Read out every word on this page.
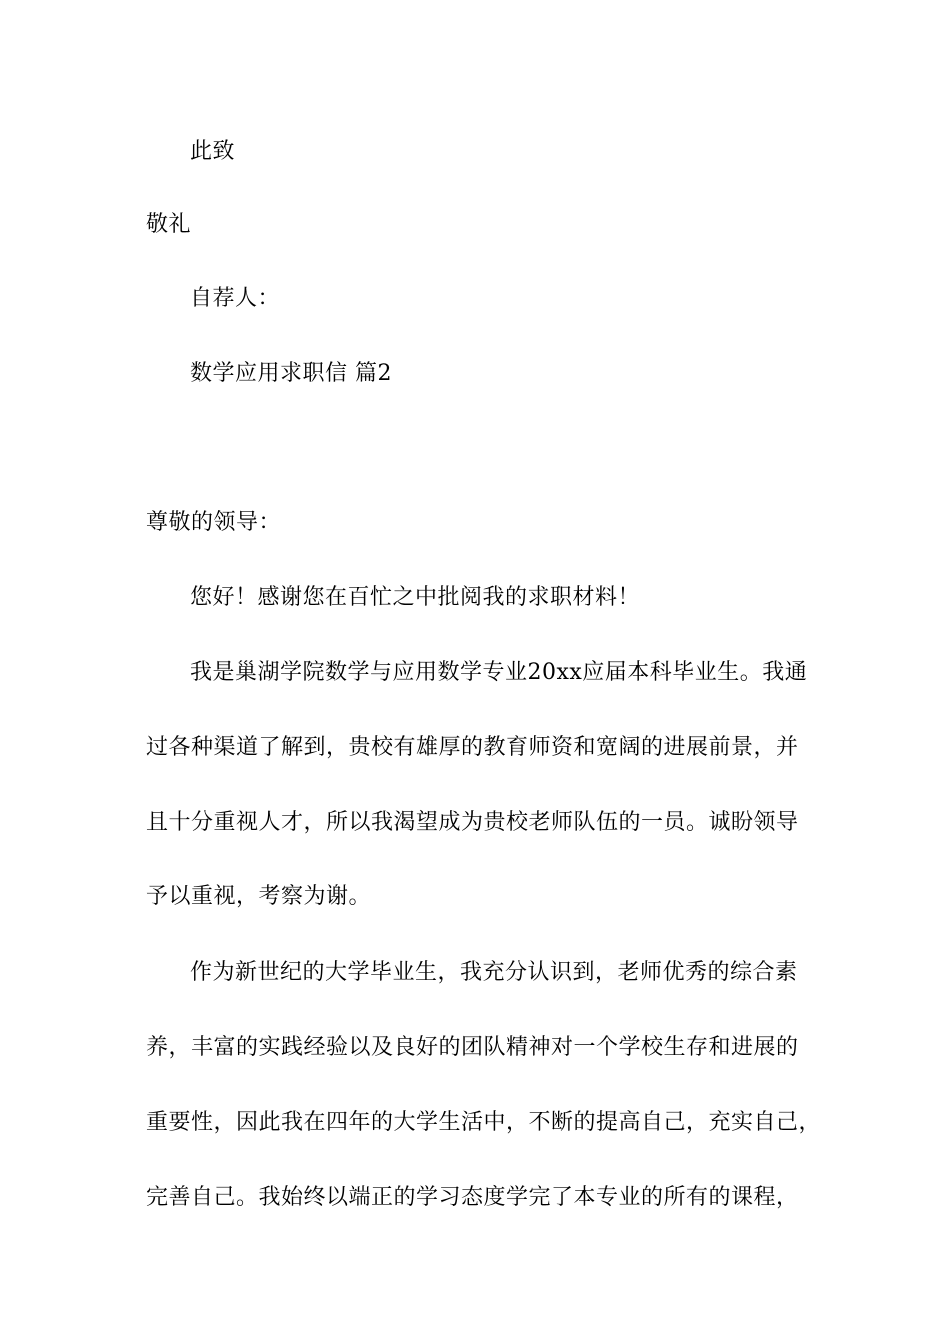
此致
敬礼
自荐人：
数学应用求职信 篇2
尊敬的领导：
您好！感谢您在百忙之中批阅我的求职材料！
我是巢湖学院数学与应用数学专业20xx应届本科毕业生。我通
过各种渠道了解到，贵校有雄厚的教育师资和宽阔的进展前景，并
且十分重视人才，所以我渴望成为贵校老师队伍的一员。诚盼领导
予以重视，考察为谢。
作为新世纪的大学毕业生，我充分认识到，老师优秀的综合素
养，丰富的实践经验以及良好的团队精神对一个学校生存和进展的
重要性，因此我在四年的大学生活中，不断的提高自己，充实自己，
完善自己。我始终以端正的学习态度学完了本专业的所有的课程，
